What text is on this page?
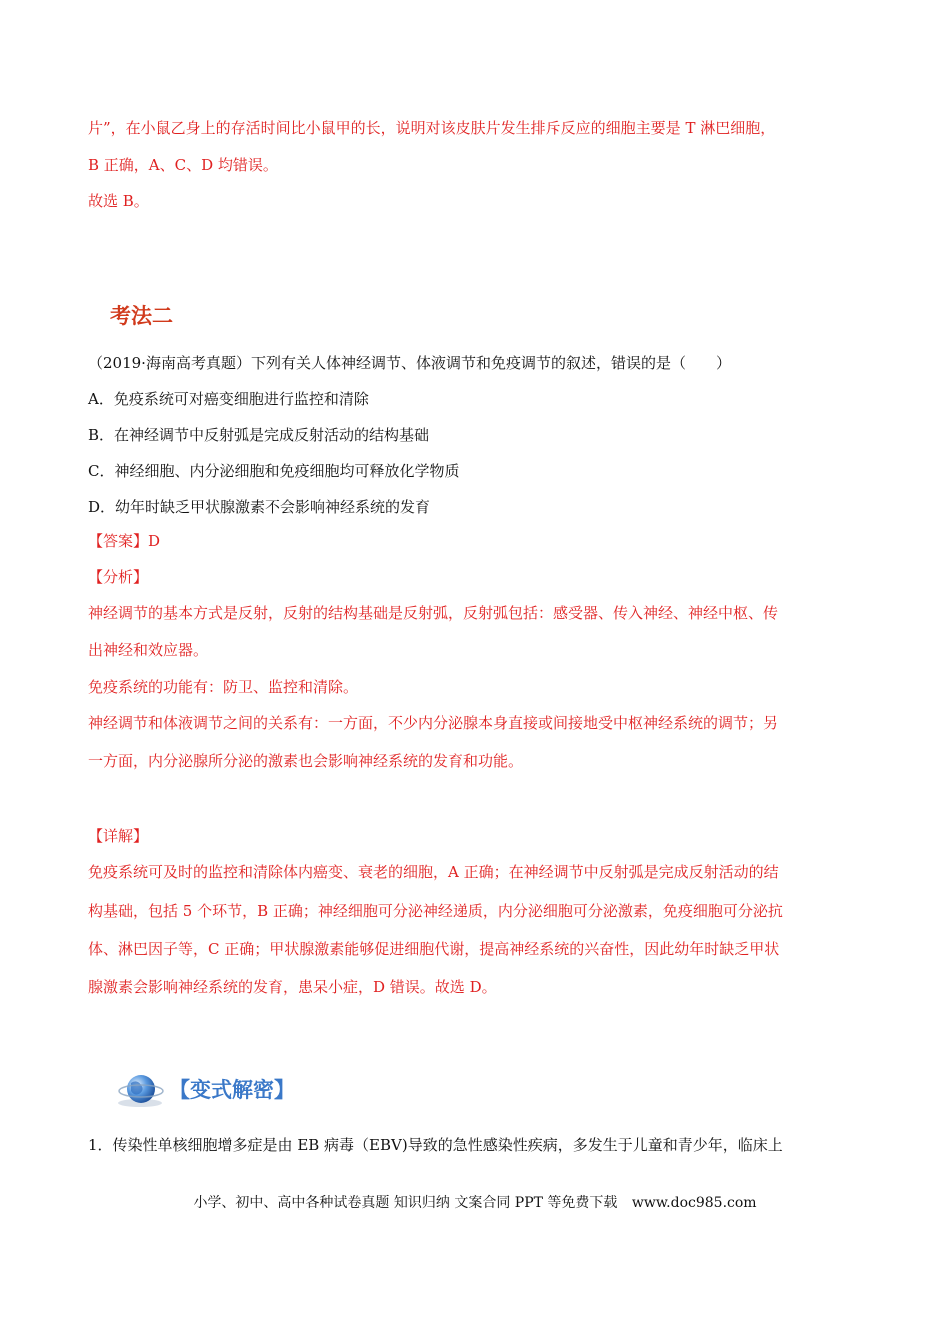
片”，在小鼠乙身上的存活时间比小鼠甲的长，说明对该皮肤片发生排斥反应的细胞主要是 T 淋巴细胞，
B 正确，A、C、D 均错误。
故选 B。
考法二
（2019·海南高考真题）下列有关人体神经调节、体液调节和免疫调节的叙述，错误的是（　　）
A．免疫系统可对癌变细胞进行监控和清除
B．在神经调节中反射弧是完成反射活动的结构基础
C．神经细胞、内分泌细胞和免疫细胞均可释放化学物质
D．幼年时缺乏甲状腺激素不会影响神经系统的发育
【答案】D
【分析】
神经调节的基本方式是反射，反射的结构基础是反射弧，反射弧包括：感受器、传入神经、神经中枢、传
出神经和效应器。
免疫系统的功能有：防卫、监控和清除。
神经调节和体液调节之间的关系有：一方面，不少内分泌腺本身直接或间接地受中枢神经系统的调节；另
一方面，内分泌腺所分泌的激素也会影响神经系统的发育和功能。
【详解】
免疫系统可及时的监控和清除体内癌变、衰老的细胞，A 正确；在神经调节中反射弧是完成反射活动的结
构基础，包括 5 个环节，B 正确；神经细胞可分泌神经递质，内分泌细胞可分泌激素，免疫细胞可分泌抗
体、淋巴因子等，C 正确；甲状腺激素能够促进细胞代谢，提高神经系统的兴奋性，因此幼年时缺乏甲状
腺激素会影响神经系统的发育，患呆小症，D 错误。故选 D。
【变式解密】
1．传染性单核细胞增多症是由 EB 病毒（EBV)导致的急性感染性疾病，多发生于儿童和青少年，临床上
小学、初中、高中各种试卷真题 知识归纳 文案合同 PPT 等免费下载 www.doc985.com
